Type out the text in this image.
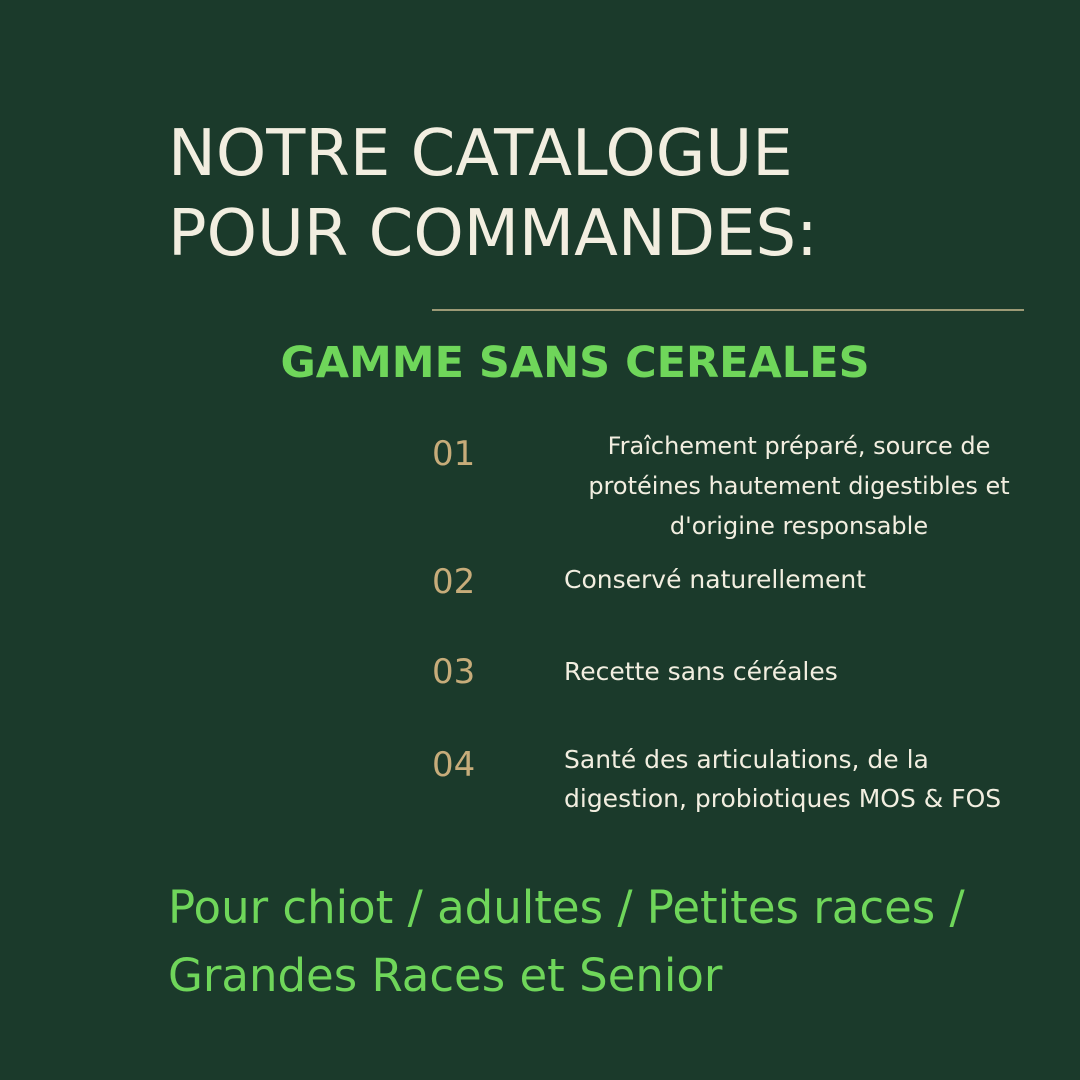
NOTRE CATALOGUE
POUR COMMANDES:
GAMME SANS CEREALES
01	Fraîchement préparé, source de protéines hautement digestibles et d'origine responsable
02	Conservé naturellement
03	Recette sans céréales
04	Santé des articulations, de la digestion, probiotiques MOS & FOS

Pour chiot / adultes / Petites races / Grandes Races et Senior
